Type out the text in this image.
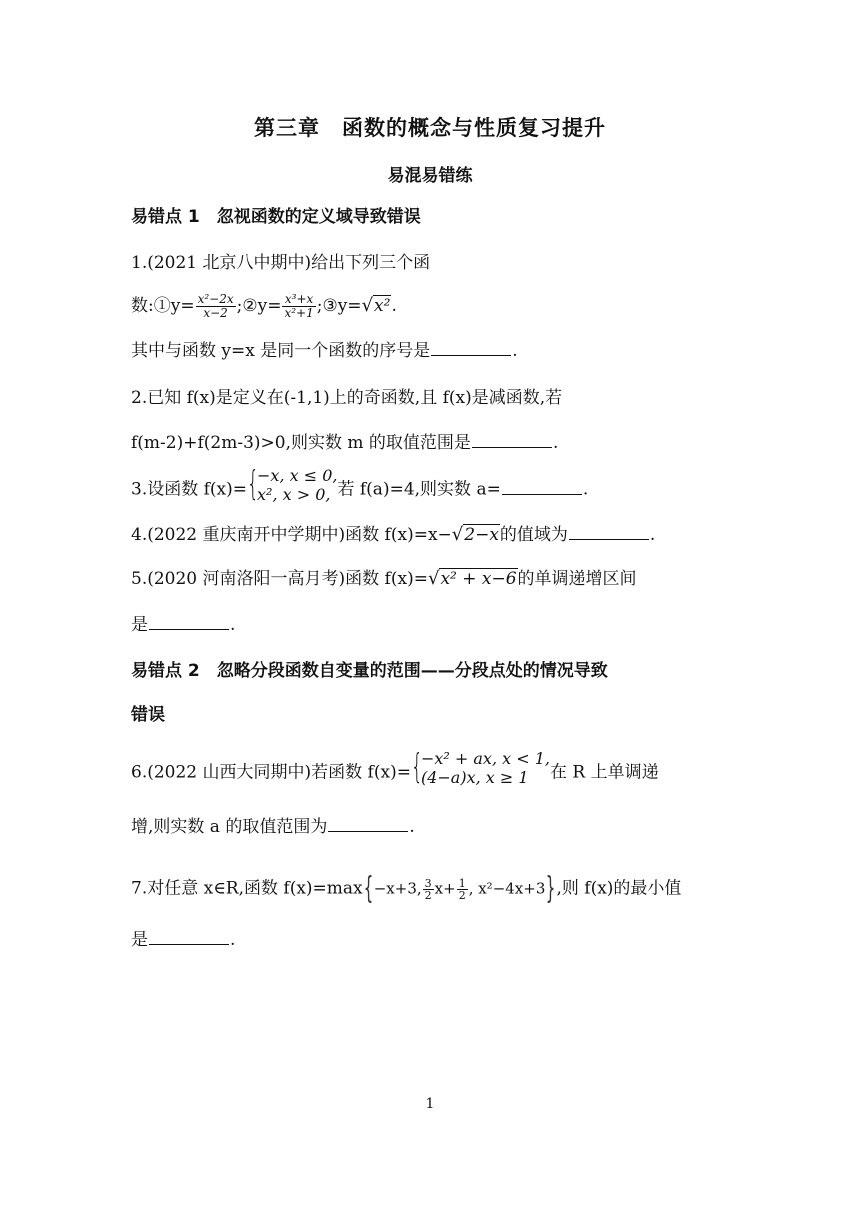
第三章　函数的概念与性质复习提升
易混易错练
易错点 1　忽视函数的定义域导致错误
1.(2021 北京八中期中)给出下列三个函
数:①y= $\frac{\text{x²−2x}}{x-2}$ ;②y= $\frac{\text{x³+x}}{\text{x²+1}}$ ;③y=√x².
其中与函数 y=x 是同一个函数的序号是	.
2.已知 f(x)是定义在(-1,1)上的奇函数,且 f(x)是减函数,若
f(m-2)+f(2m-3)>0,则实数 m 的取值范围是	.
3.设函数 f(x)= {
−x, x ≤ 0,
x², x > 0, 若 f(a)=4,则实数 a=	.
4.(2022 重庆南开中学期中)函数 f(x)=x−√2−x的值域为	.
5.(2020 河南洛阳一高月考)函数 f(x)=√x² + x−6的单调递增区间
是	.
易错点 2　忽略分段函数自变量的范围——分段点处的情况导致
错误
6.(2022 山西大同期中)若函数 f(x)= {
−x² + ax, x < 1,
(4−a)x, x ≥ 1	在 R 上单调递
增,则实数 a 的取值范围为	.
7.对任意 x∈R,函数 f(x)=max{−x+3, $\frac{3}{2} x+ \frac{1}{2}$ , x²−4x+3},则 f(x)的最小值
是	.
1
